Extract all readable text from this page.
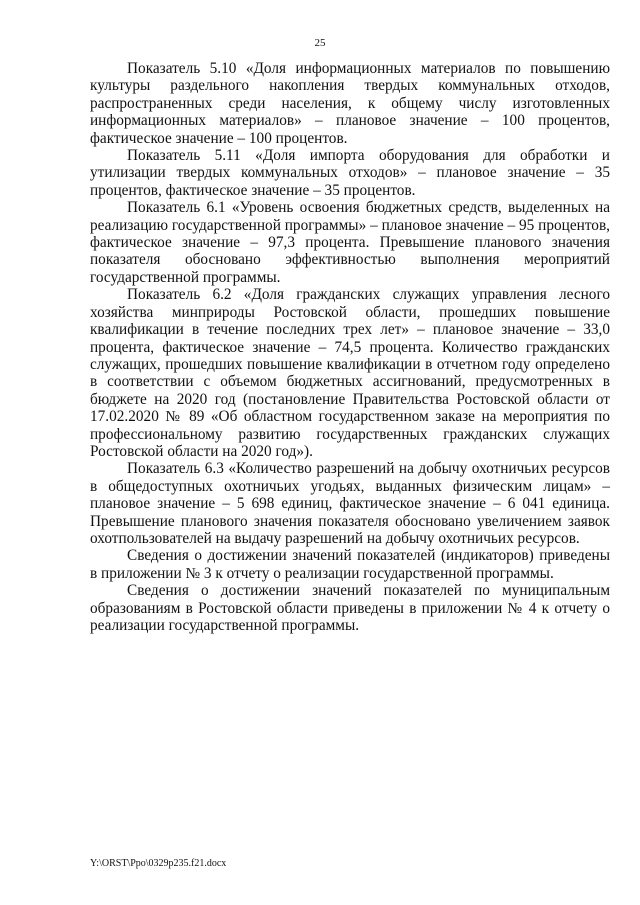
25

Показатель 5.10 «Доля информационных материалов по повышению культуры раздельного накопления твердых коммунальных отходов, распространенных среди населения, к общему числу изготовленных информационных материалов» – плановое значение – 100 процентов, фактическое значение – 100 процентов.

Показатель 5.11 «Доля импорта оборудования для обработки и утилизации твердых коммунальных отходов» – плановое значение – 35 процентов, фактическое значение – 35 процентов.

Показатель 6.1 «Уровень освоения бюджетных средств, выделенных на реализацию государственной программы» – плановое значение – 95 процентов, фактическое значение – 97,3 процента. Превышение планового значения показателя обосновано эффективностью выполнения мероприятий государственной программы.

Показатель 6.2 «Доля гражданских служащих управления лесного хозяйства минприроды Ростовской области, прошедших повышение квалификации в течение последних трех лет» – плановое значение – 33,0 процента, фактическое значение – 74,5 процента. Количество гражданских служащих, прошедших повышение квалификации в отчетном году определено в соответствии с объемом бюджетных ассигнований, предусмотренных в бюджете на 2020 год (постановление Правительства Ростовской области от 17.02.2020 № 89 «Об областном государственном заказе на мероприятия по профессиональному развитию государственных гражданских служащих Ростовской области на 2020 год»).

Показатель 6.3 «Количество разрешений на добычу охотничьих ресурсов в общедоступных охотничьих угодьях, выданных физическим лицам» – плановое значение – 5 698 единиц, фактическое значение – 6 041 единица. Превышение планового значения показателя обосновано увеличением заявок охотпользователей на выдачу разрешений на добычу охотничьих ресурсов.

Сведения о достижении значений показателей (индикаторов) приведены в приложении № 3 к отчету о реализации государственной программы.

Сведения о достижении значений показателей по муниципальным образованиям в Ростовской области приведены в приложении № 4 к отчету о реализации государственной программы.

Y:\ORST\Ppo\0329p235.f21.docx
